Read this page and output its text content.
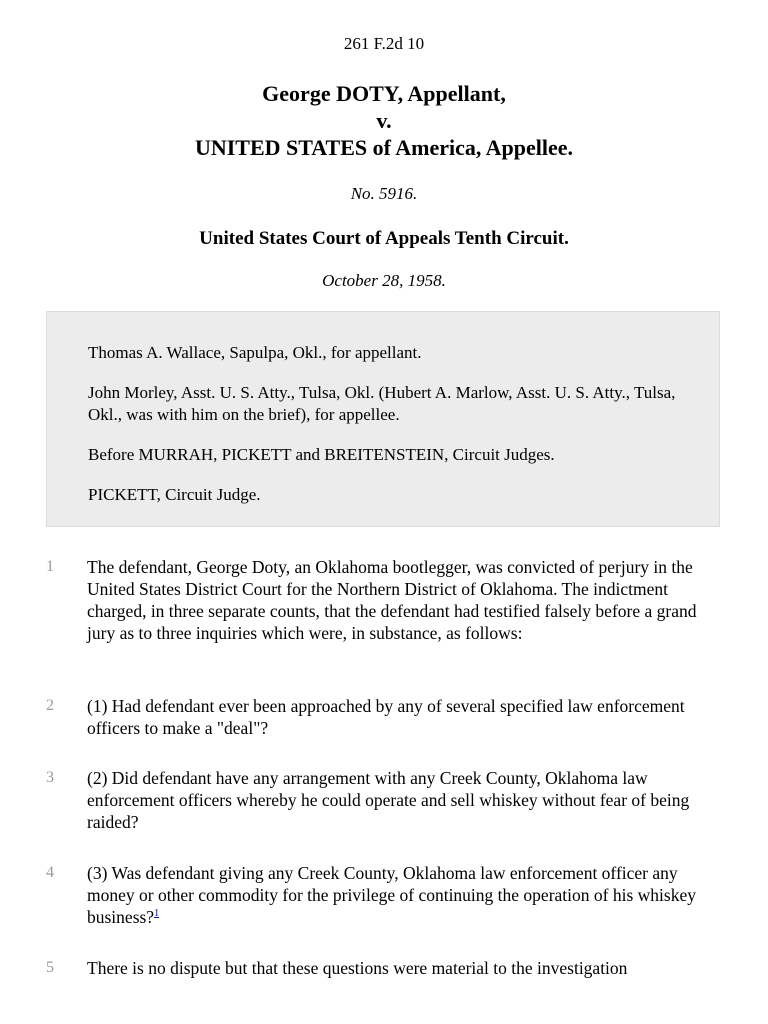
261 F.2d 10
George DOTY, Appellant,
v.
UNITED STATES of America, Appellee.
No. 5916.
United States Court of Appeals Tenth Circuit.
October 28, 1958.

Thomas A. Wallace, Sapulpa, Okl., for appellant.

John Morley, Asst. U. S. Atty., Tulsa, Okl. (Hubert A. Marlow, Asst. U. S. Atty., Tulsa, Okl., was with him on the brief), for appellee.

Before MURRAH, PICKETT and BREITENSTEIN, Circuit Judges.

PICKETT, Circuit Judge.

1 The defendant, George Doty, an Oklahoma bootlegger, was convicted of perjury in the United States District Court for the Northern District of Oklahoma. The indictment charged, in three separate counts, that the defendant had testified falsely before a grand jury as to three inquiries which were, in substance, as follows:
2 (1) Had defendant ever been approached by any of several specified law enforcement officers to make a "deal"?
3 (2) Did defendant have any arrangement with any Creek County, Oklahoma law enforcement officers whereby he could operate and sell whiskey without fear of being raided?
4 (3) Was defendant giving any Creek County, Oklahoma law enforcement officer any money or other commodity for the privilege of continuing the operation of his whiskey business?$^1$
5 There is no dispute but that these questions were material to the investigation
